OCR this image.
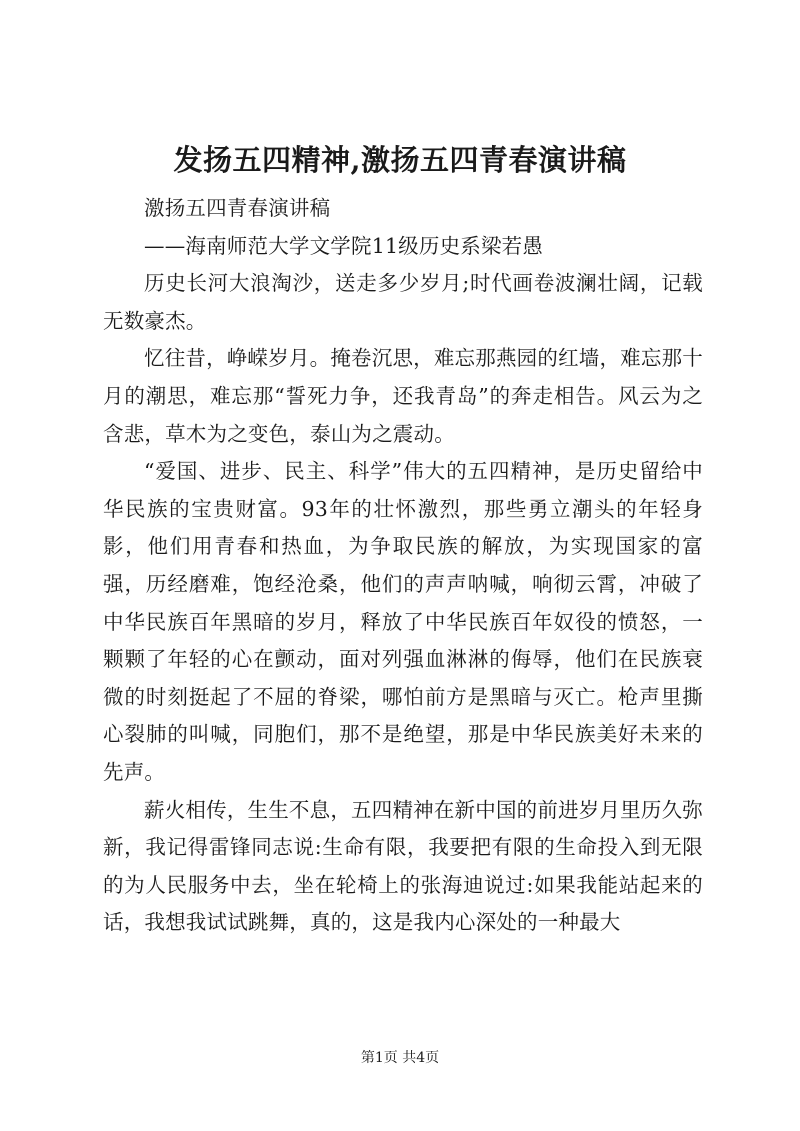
发扬五四精神,激扬五四青春演讲稿

激扬五四青春演讲稿

——海南师范大学文学院11级历史系梁若愚

历史长河大浪淘沙，送走多少岁月;时代画卷波澜壮阔，记载无数豪杰。

忆往昔，峥嵘岁月。掩卷沉思，难忘那燕园的红墙，难忘那十月的潮思，难忘那“誓死力争，还我青岛”的奔走相告。风云为之含悲，草木为之变色，泰山为之震动。

“爱国、进步、民主、科学”伟大的五四精神，是历史留给中华民族的宝贵财富。93年的壮怀激烈，那些勇立潮头的年轻身影，他们用青春和热血，为争取民族的解放，为实现国家的富强，历经磨难，饱经沧桑，他们的声声呐喊，响彻云霄，冲破了中华民族百年黑暗的岁月，释放了中华民族百年奴役的愤怒，一颗颗了年轻的心在颤动，面对列强血淋淋的侮辱，他们在民族衰微的时刻挺起了不屈的脊梁，哪怕前方是黑暗与灭亡。枪声里撕心裂肺的叫喊，同胞们，那不是绝望，那是中华民族美好未来的先声。

薪火相传，生生不息，五四精神在新中国的前进岁月里历久弥新，我记得雷锋同志说:生命有限，我要把有限的生命投入到无限的为人民服务中去，坐在轮椅上的张海迪说过:如果我能站起来的话，我想我试试跳舞，真的，这是我内心深处的一种最大

第1页 共4页
